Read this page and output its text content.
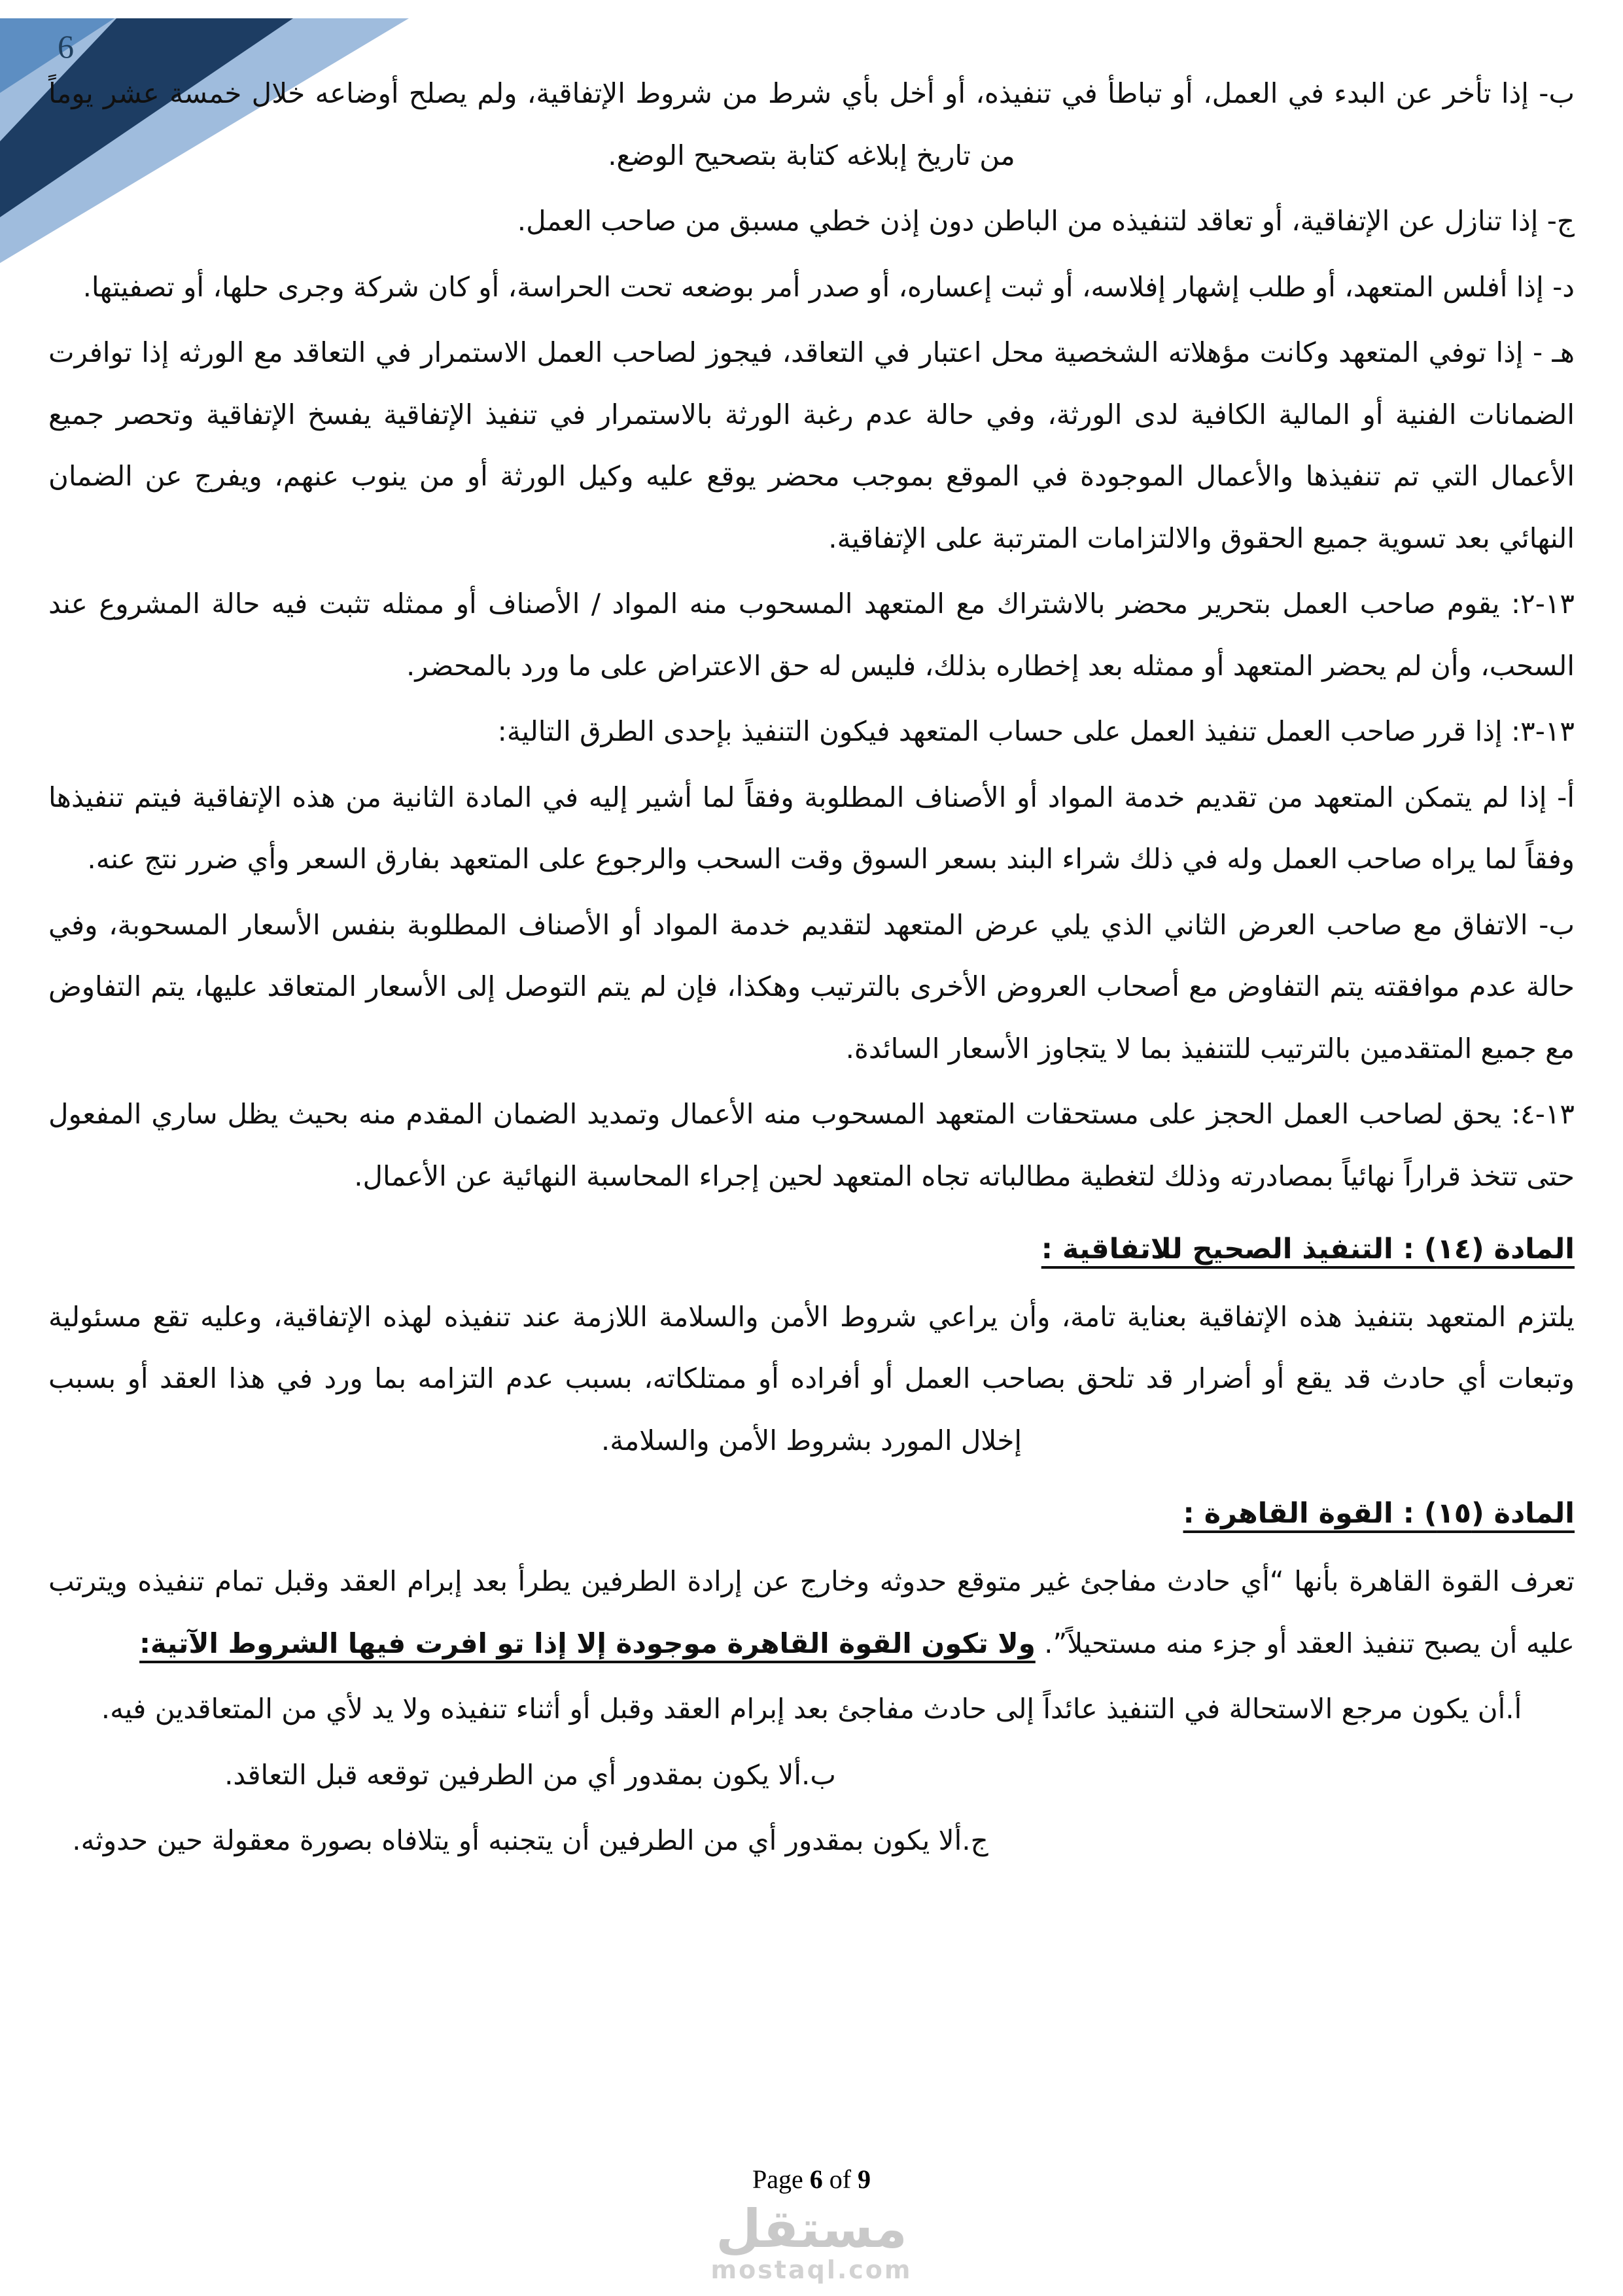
6

ب- إذا تأخر عن البدء في العمل، أو تباطأ في تنفيذه، أو أخل بأي شرط من شروط الإتفاقية، ولم يصلح أوضاعه خلال خمسة عشر يوماً من تاريخ إبلاغه كتابة بتصحيح الوضع.

ج- إذا تنازل عن الإتفاقية، أو تعاقد لتنفيذه من الباطن دون إذن خطي مسبق من صاحب العمل.

د- إذا أفلس المتعهد، أو طلب إشهار إفلاسه، أو ثبت إعساره، أو صدر أمر بوضعه تحت الحراسة، أو كان شركة وجرى حلها، أو تصفيتها.

هـ - إذا توفي المتعهد وكانت مؤهلاته الشخصية محل اعتبار في التعاقد، فيجوز لصاحب العمل الاستمرار في التعاقد مع الورثه إذا توافرت الضمانات الفنية أو المالية الكافية لدى الورثة، وفي حالة عدم رغبة الورثة بالاستمرار في تنفيذ الإتفاقية يفسخ الإتفاقية وتحصر جميع الأعمال التي تم تنفيذها والأعمال الموجودة في الموقع بموجب محضر يوقع عليه وكيل الورثة أو من ينوب عنهم، ويفرج عن الضمان النهائي بعد تسوية جميع الحقوق والالتزامات المترتبة على الإتفاقية.

١٣-٢: يقوم صاحب العمل بتحرير محضر بالاشتراك مع المتعهد المسحوب منه المواد / الأصناف أو ممثله تثبت فيه حالة المشروع عند السحب، وأن لم يحضر المتعهد أو ممثله بعد إخطاره بذلك، فليس له حق الاعتراض على ما ورد بالمحضر.

١٣-٣: إذا قرر صاحب العمل تنفيذ العمل على حساب المتعهد فيكون التنفيذ بإحدى الطرق التالية:

أ- إذا لم يتمكن المتعهد من تقديم خدمة المواد أو الأصناف المطلوبة وفقاً لما أشير إليه في المادة الثانية من هذه الإتفاقية فيتم تنفيذها وفقاً لما يراه صاحب العمل وله في ذلك شراء البند بسعر السوق وقت السحب والرجوع على المتعهد بفارق السعر وأي ضرر نتج عنه.

ب- الاتفاق مع صاحب العرض الثاني الذي يلي عرض المتعهد لتقديم خدمة المواد أو الأصناف المطلوبة بنفس الأسعار المسحوبة، وفي حالة عدم موافقته يتم التفاوض مع أصحاب العروض الأخرى بالترتيب وهكذا، فإن لم يتم التوصل إلى الأسعار المتعاقد عليها، يتم التفاوض مع جميع المتقدمين بالترتيب للتنفيذ بما لا يتجاوز الأسعار السائدة.

١٣-٤: يحق لصاحب العمل الحجز على مستحقات المتعهد المسحوب منه الأعمال وتمديد الضمان المقدم منه بحيث يظل ساري المفعول حتى تتخذ قراراً نهائياً بمصادرته وذلك لتغطية مطالباته تجاه المتعهد لحين إجراء المحاسبة النهائية عن الأعمال.

المادة (١٤) : التنفيذ الصحيح للاتفاقية :

يلتزم المتعهد بتنفيذ هذه الإتفاقية بعناية تامة، وأن يراعي شروط الأمن والسلامة اللازمة عند تنفيذه لهذه الإتفاقية، وعليه تقع مسئولية وتبعات أي حادث قد يقع أو أضرار قد تلحق بصاحب العمل أو أفراده أو ممتلكاته، بسبب عدم التزامه بما ورد في هذا العقد أو بسبب إخلال المورد بشروط الأمن والسلامة.

المادة (١٥) : القوة القاهرة :

تعرف القوة القاهرة بأنها “أي حادث مفاجئ غير متوقع حدوثه وخارج عن إرادة الطرفين يطرأ بعد إبرام العقد وقبل تمام تنفيذه ويترتب عليه أن يصبح تنفيذ العقد أو جزء منه مستحيلاً”. ولا تكون القوة القاهرة موجودة إلا إذا تو افرت فيها الشروط الآتية:

أ.أن يكون مرجع الاستحالة في التنفيذ عائداً إلى حادث مفاجئ بعد إبرام العقد وقبل أو أثناء تنفيذه ولا يد لأي من المتعاقدين فيه.

ب.ألا يكون بمقدور أي من الطرفين توقعه قبل التعاقد.

ج.ألا يكون بمقدور أي من الطرفين أن يتجنبه أو يتلافاه بصورة معقولة حين حدوثه.

Page 6 of 9
مستقل
mostaql.com
